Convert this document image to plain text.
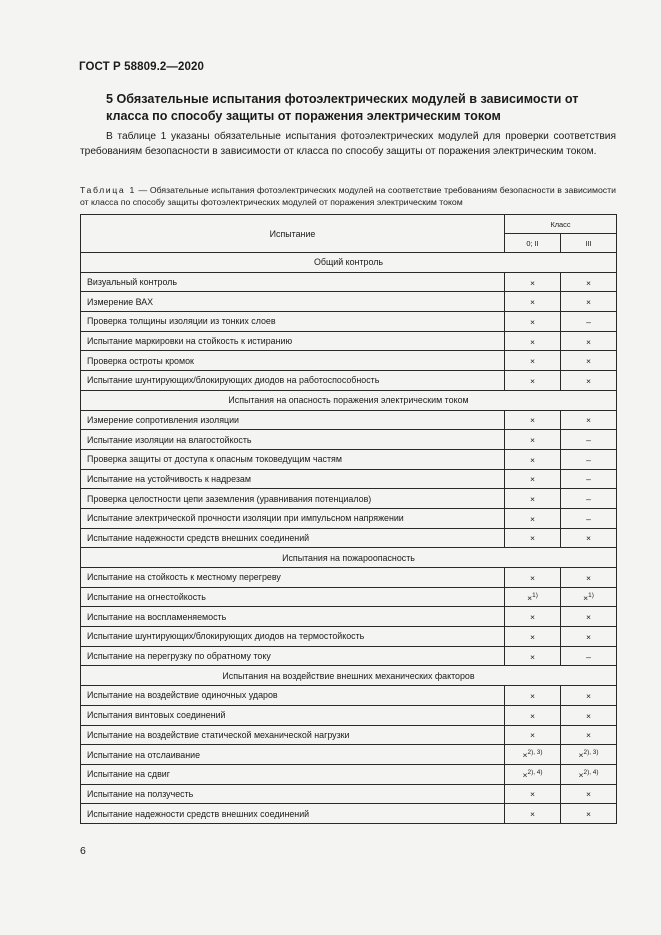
ГОСТ Р 58809.2—2020
5 Обязательные испытания фотоэлектрических модулей в зависимости от класса по способу защиты от поражения электрическим током

В таблице 1 указаны обязательные испытания фотоэлектрических модулей для проверки соответствия требованиям безопасности в зависимости от класса по способу защиты от поражения электрическим током.

Таблица 1 — Обязательные испытания фотоэлектрических модулей на соответствие требованиям безопасности в зависимости от класса по способу защиты фотоэлектрических модулей от поражения электрическим током
Испытание	Класс	
	0; II	III
Общий контроль		
Визуальный контроль	×	×
Измерение ВАХ	×	×
Проверка толщины изоляции из тонких слоев	×	–
Испытание маркировки на стойкость к истиранию	×	×
Проверка остроты кромок	×	×
Испытание шунтирующих/блокирующих диодов на работоспособность	×	×
Испытания на опасность поражения электрическим током		
Измерение сопротивления изоляции	×	×
Испытание изоляции на влагостойкость	×	–
Проверка защиты от доступа к опасным токоведущим частям	×	–
Испытание на устойчивость к надрезам	×	–
Проверка целостности цепи заземления (уравнивания потенциалов)	×	–
Испытание электрической прочности изоляции при импульсном напряжении	×	–
Испытание надежности средств внешних соединений	×	×
Испытания на пожароопасность		
Испытание на стойкость к местному перегреву	×	×
Испытание на огнестойкость	×$^{1)}$	×$^{1)}$
Испытание на воспламеняемость	×	×
Испытание шунтирующих/блокирующих диодов на термостойкость	×	×
Испытание на перегрузку по обратному току	×	–
Испытания на воздействие внешних механических факторов		
Испытание на воздействие одиночных ударов	×	×
Испытания винтовых соединений	×	×
Испытание на воздействие статической механической нагрузки	×	×
Испытание на отслаивание	×$^{2), 3)}$	×$^{2), 3)}$
Испытание на сдвиг	×$^{2), 4)}$	×$^{2), 4)}$
Испытание на ползучесть	×	×
Испытание надежности средств внешних соединений	×	×
6
